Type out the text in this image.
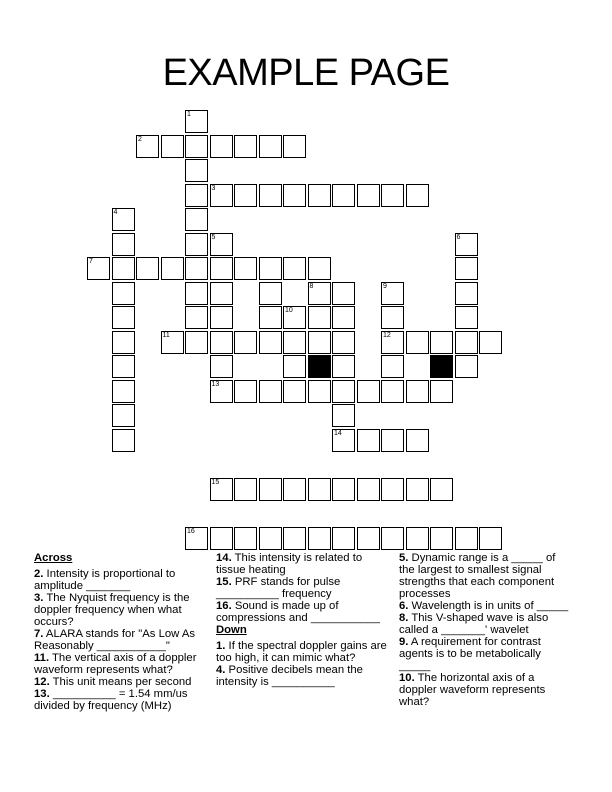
EXAMPLE PAGE
1
2
3
4
5	6
7
8	9
10
11	12
13
14
15
16
Across
2. Intensity is proportional to amplitude _______
3. The Nyquist frequency is the doppler frequency when what occurs?
7. ALARA stands for "As Low As Reasonably ___________"
11. The vertical axis of a doppler waveform represents what?
12. This unit means per second
13. __________ = 1.54 mm/us divided by frequency (MHz)
14. This intensity is related to tissue heating
15. PRF stands for pulse __________ frequency
16. Sound is made up of compressions and ___________
Down
1. If the spectral doppler gains are too high, it can mimic what?
4. Positive decibels mean the intensity is __________
5. Dynamic range is a _____ of the largest to smallest signal strengths that each component processes
6. Wavelength is in units of _____
8. This V-shaped wave is also called a _______' wavelet
9. A requirement for contrast agents is to be metabolically _____
10. The horizontal axis of a doppler waveform represents what?
